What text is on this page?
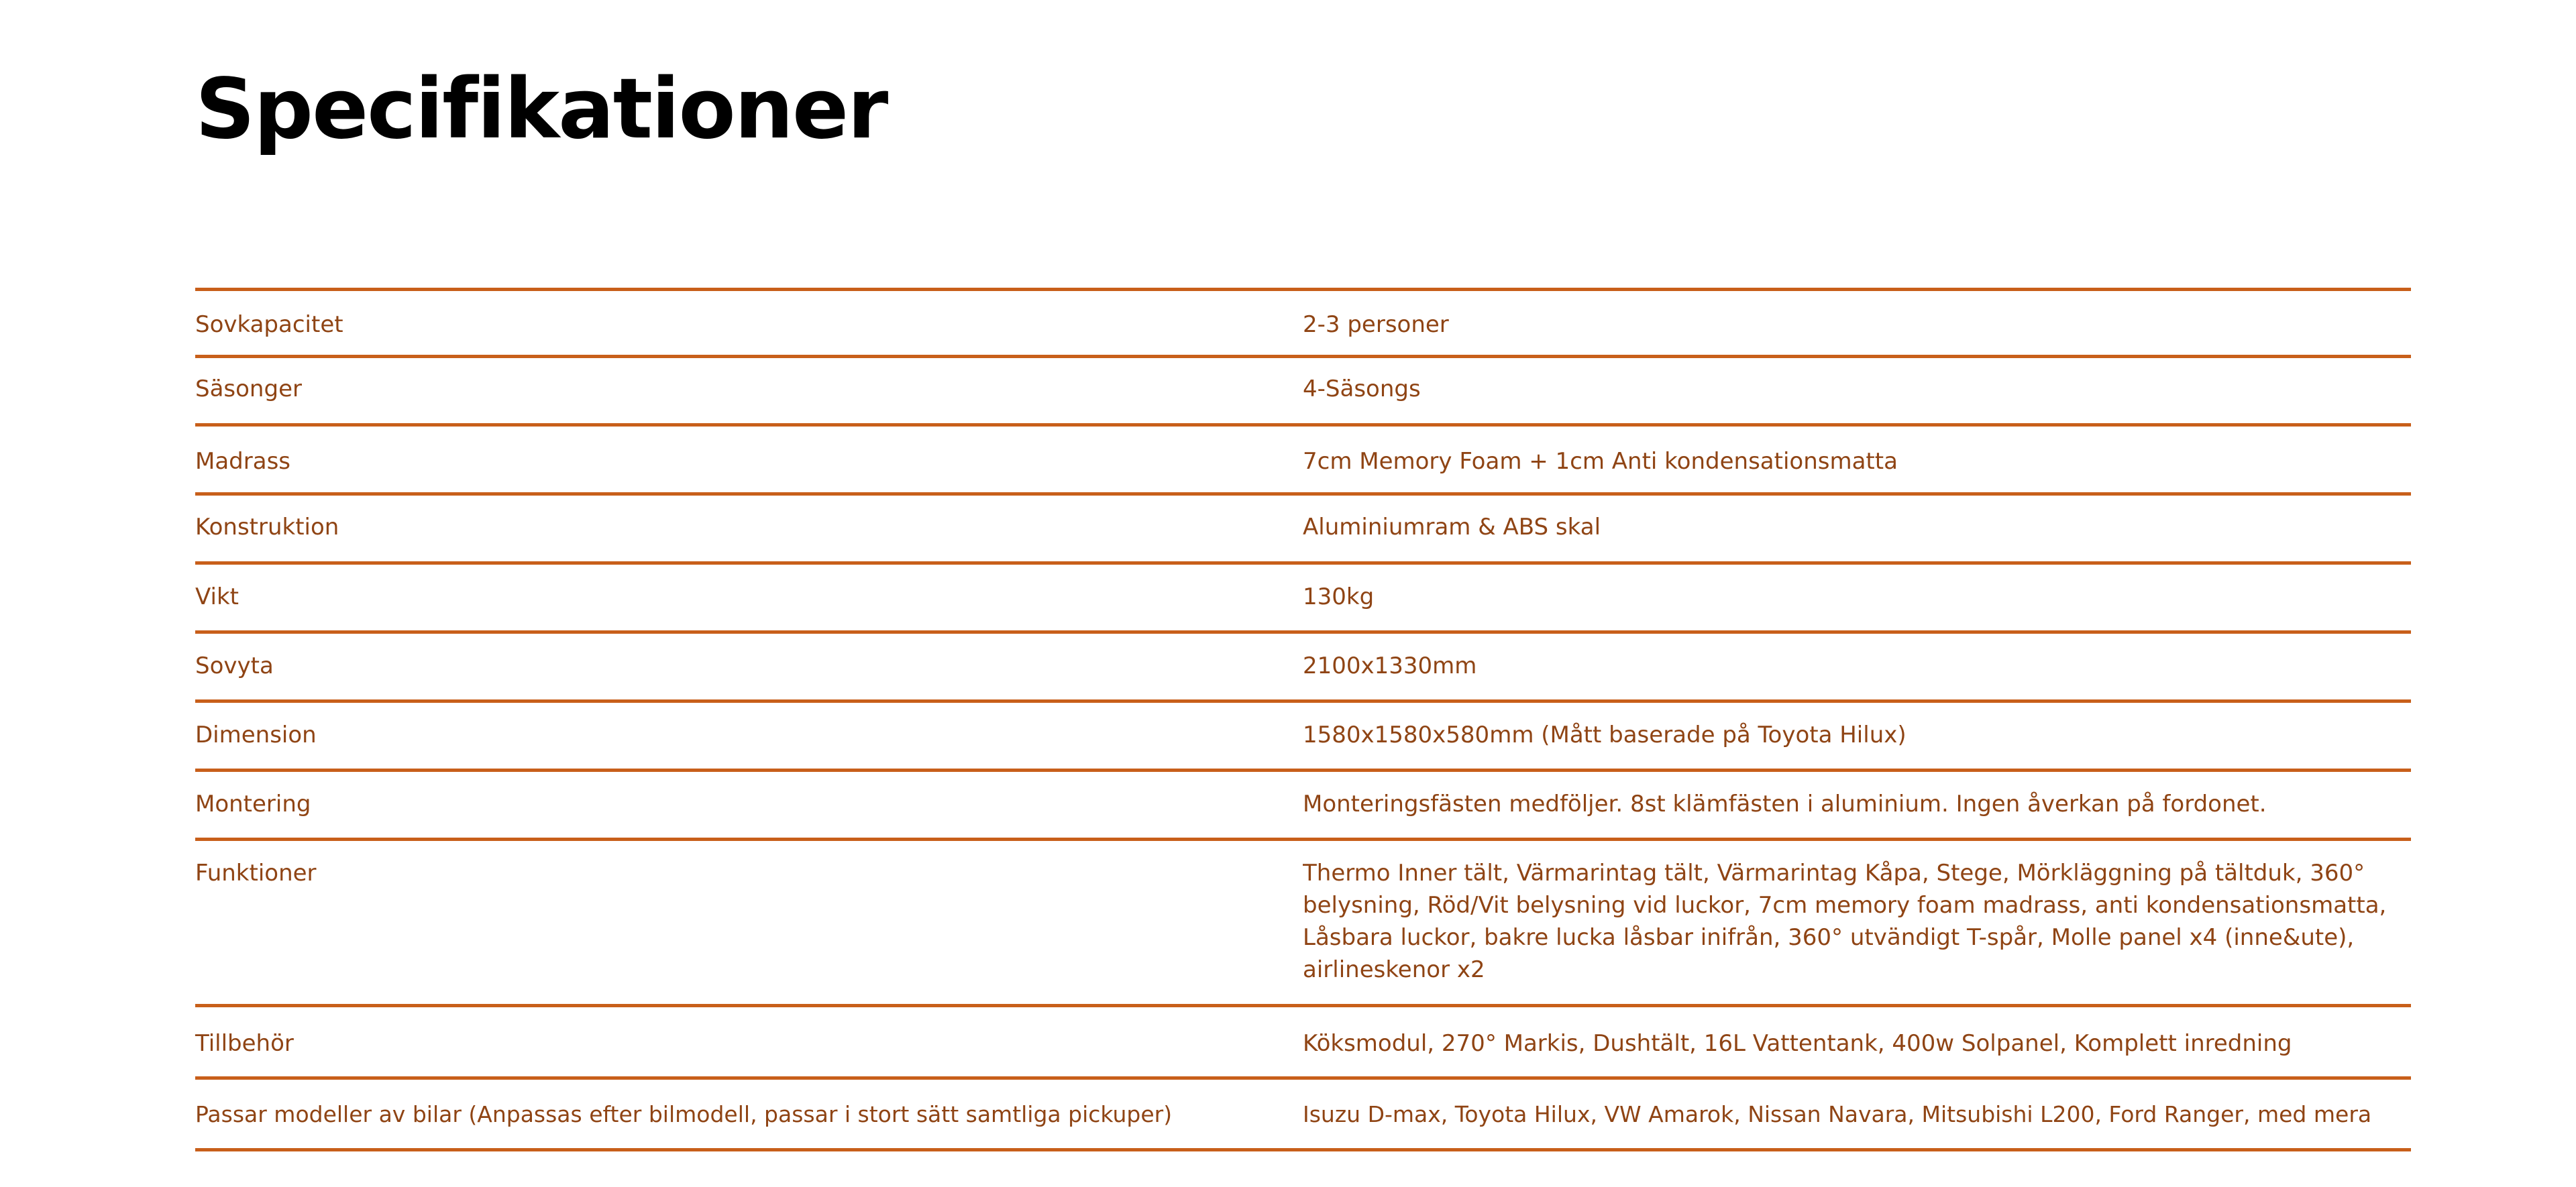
Specifikationer
Sovkapacitet	2-3 personer
Säsonger	4-Säsongs
Madrass	7cm Memory Foam + 1cm Anti kondensationsmatta
Konstruktion	Aluminiumram & ABS skal
Vikt	130kg
Sovyta	2100x1330mm
Dimension	1580x1580x580mm (Mått baserade på Toyota Hilux)
Montering	Monteringsfästen medföljer. 8st klämfästen i aluminium. Ingen åverkan på fordonet.
Funktioner	Thermo Inner tält, Värmarintag tält, Värmarintag Kåpa, Stege, Mörkläggning på tältduk, 360°
belysning, Röd/Vit belysning vid luckor, 7cm memory foam madrass, anti kondensationsmatta,
Låsbara luckor, bakre lucka låsbar inifrån, 360° utvändigt T-spår, Molle panel x4 (inne&ute),
airlineskenor x2
Tillbehör	Köksmodul, 270° Markis, Dushtält, 16L Vattentank, 400w Solpanel, Komplett inredning
Passar modeller av bilar (Anpassas efter bilmodell, passar i stort sätt samtliga pickuper)	Isuzu D-max, Toyota Hilux, VW Amarok, Nissan Navara, Mitsubishi L200, Ford Ranger, med mera
